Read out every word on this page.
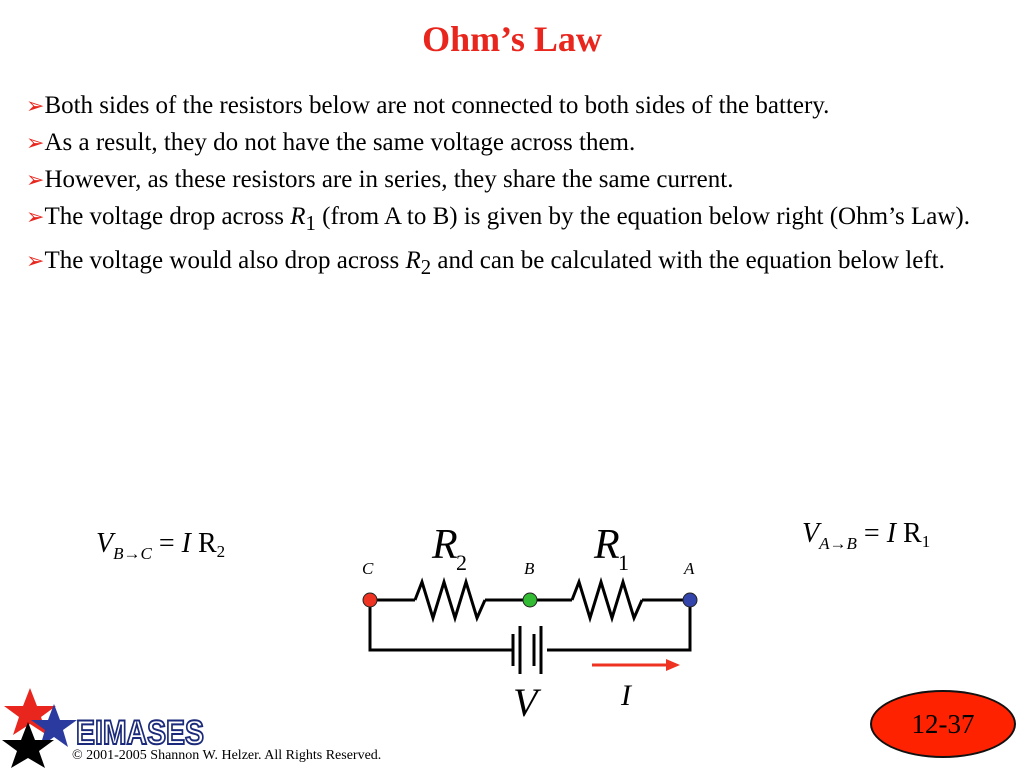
Ohm’s Law

➢Both sides of the resistors below are not connected to both sides of the battery.

➢As a result, they do not have the same voltage across them.

➢However, as these resistors are in series, they share the same current.

➢The voltage drop across $R_1$ (from A to B) is given by the equation below right (Ohm’s Law).

➢The voltage would also drop across $R_2$ and can be calculated with the equation below left.

$V_{B\to C} = I$ R2
$V_{A\to B} = I$ R1
R
2	R
1
C	B	A
V	I
EIMASES
© 2001-2005 Shannon W. Helzer. All Rights Reserved.
12-37
